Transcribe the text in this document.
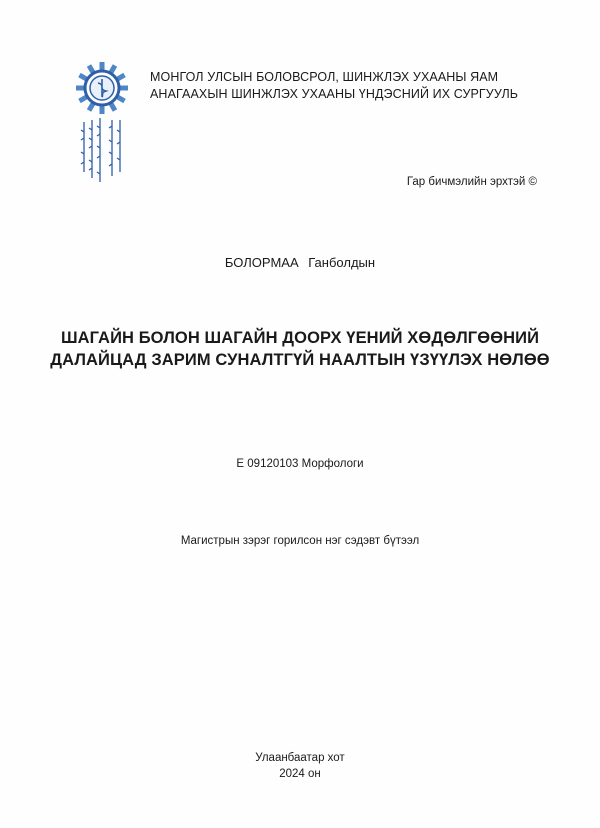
МОНГОЛ УЛСЫН БОЛОВСРОЛ, ШИНЖЛЭХ УХААНЫ ЯАМ
АНАГААХЫН ШИНЖЛЭХ УХААНЫ ҮНДЭСНИЙ ИХ СУРГУУЛЬ
Гар бичмэлийн эрхтэй ©
БОЛОРМАА Ганболдын
ШАГАЙН БОЛОН ШАГАЙН ДООРХ ҮЕНИЙ ХӨДӨЛГӨӨНИЙ
ДАЛАЙЦАД ЗАРИМ СУНАЛТГҮЙ НААЛТЫН ҮЗҮҮЛЭХ НӨЛӨӨ
E 09120103 Морфологи
Магистрын зэрэг горилсон нэг сэдэвт бүтээл
Улаанбаатар хот
2024 он
